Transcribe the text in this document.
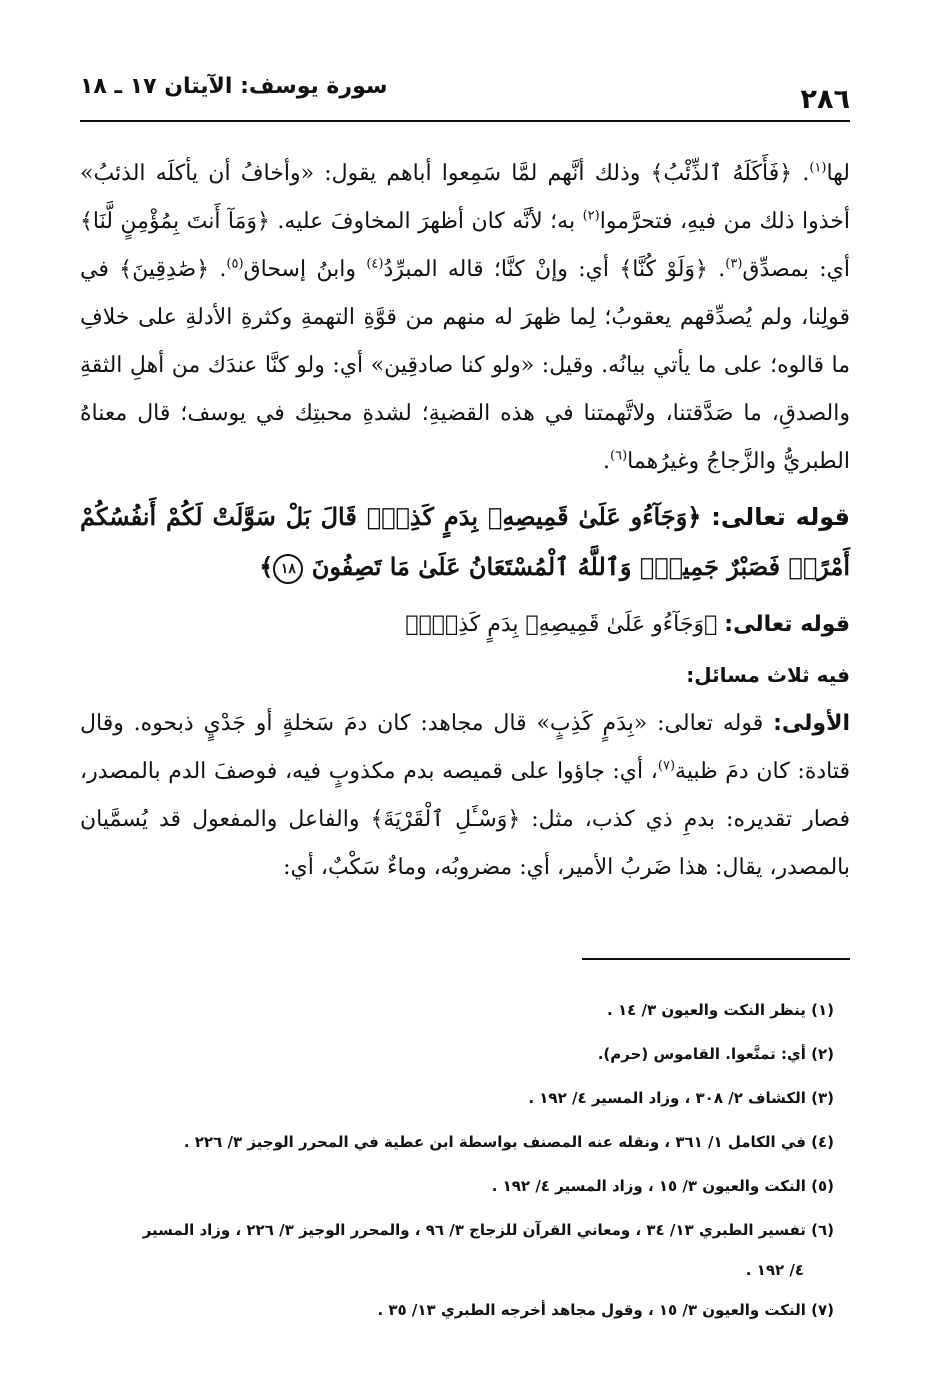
سورة يوسف: الآيتان ١٧ ـ ١٨	٢٨٦

لها$^{(١)}$. ﴿فَأَكَلَهُ ٱلذِّئْبُ﴾ وذلك أنَّهم لمَّا سَمِعوا أباهم يقول: «وأخافُ أن يأكلَه الذئبُ» أخذوا ذلك من فيهِ، فتحرَّموا$^{(٢)}$ به؛ لأنَّه كان أظهرَ المخاوفَ عليه. ﴿وَمَآ أَنتَ بِمُؤْمِنٍ لَّنَا﴾ أي: بمصدِّق$^{(٣)}$. ﴿وَلَوْ كُنَّا﴾ أي: وإنْ كنَّا؛ قاله المبرِّدُ$^{(٤)}$ وابنُ إسحاق$^{(٥)}$. ﴿صَٰدِقِينَ﴾ في قولِنا، ولم يُصدِّقهم يعقوبُ؛ لِما ظهرَ له منهم من قوَّةِ التهمةِ وكثرةِ الأدلةِ على خلافِ ما قالوه؛ على ما يأتي بيانُه. وقيل: «ولو كنا صادقِين» أي: ولو كنَّا عندَك من أهلِ الثقةِ والصدقِ، ما صَدَّقتنا، ولاتَّهمتنا في هذه القضيةِ؛ لشدةِ محبتِك في يوسف؛ قال معناهُ الطبريُّ والزَّجاجُ وغيرُهما$^{(٦)}$.

قوله تعالى: ﴿وَجَآءُو عَلَىٰ قَمِيصِهِۦ بِدَمٍ كَذِبٍۚ قَالَ بَلْ سَوَّلَتْ لَكُمْ أَنفُسُكُمْ أَمْرًاۖ فَصَبْرٌ جَمِيلٌۖ وَٱللَّهُ ٱلْمُسْتَعَانُ عَلَىٰ مَا تَصِفُونَ ١٨﴾

قوله تعالى: ﴿وَجَآءُو عَلَىٰ قَمِيصِهِۦ بِدَمٍ كَذِبٍۚ﴾

فيه ثلاث مسائل:

الأولى: قوله تعالى: «بِدَمٍ كَذِبٍ» قال مجاهد: كان دمَ سَخلةٍ أو جَدْيٍ ذبحوه. وقال قتادة: كان دمَ ظبية$^{(٧)}$، أي: جاؤوا على قميصه بدم مكذوبٍ فيه، فوصفَ الدم بالمصدر، فصار تقديره: بدمِ ذي كذب، مثل: ﴿وَسْـَٔلِ ٱلْقَرْيَةَ﴾ والفاعل والمفعول قد يُسمَّيان بالمصدر، يقال: هذا ضَربُ الأمير، أي: مضروبُه، وماءٌ سَكْبٌ، أي:

(١) ينظر النكت والعيون ٣/ ١٤ .

(٢) أي: تمنَّعوا. القاموس (حرم).

(٣) الكشاف ٢/ ٣٠٨ ، وزاد المسير ٤/ ١٩٢ .

(٤) في الكامل ١/ ٣٦١ ، ونقله عنه المصنف بواسطة ابن عطية في المحرر الوجيز ٣/ ٢٢٦ .

(٥) النكت والعيون ٣/ ١٥ ، وزاد المسير ٤/ ١٩٢ .

(٦) تفسير الطبري ١٣/ ٣٤ ، ومعاني القرآن للزجاج ٣/ ٩٦ ، والمحرر الوجيز ٣/ ٢٢٦ ، وزاد المسير

٤/ ١٩٢ .

(٧) النكت والعيون ٣/ ١٥ ، وقول مجاهد أخرجه الطبري ١٣/ ٣٥ .
